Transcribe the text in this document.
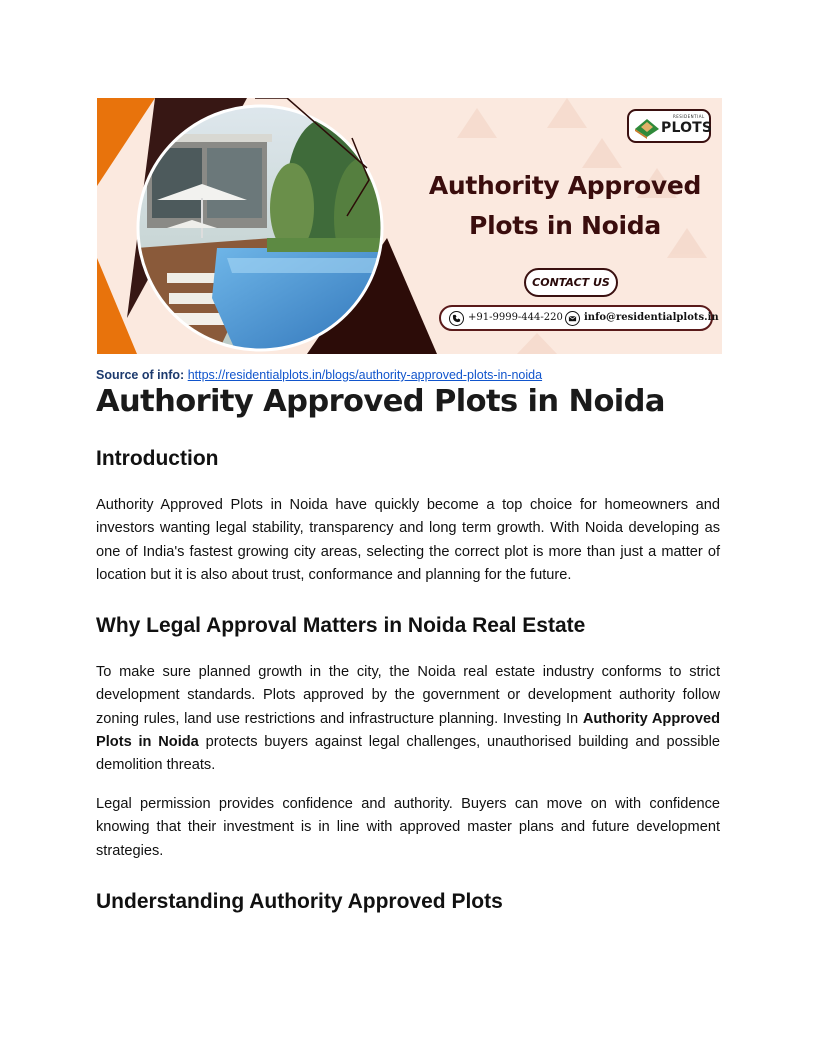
RESIDENTIAL
PLOTS
Authority Approved
Plots in Noida
CONTACT US
+91-9999-444-220 info@residentialplots.in
Source of info: https://residentialplots.in/blogs/authority-approved-plots-in-noida
Authority Approved Plots in Noida
Introduction

Authority Approved Plots in Noida have quickly become a top choice for homeowners and investors wanting legal stability, transparency and long term growth. With Noida developing as one of India's fastest growing city areas, selecting the correct plot is more than just a matter of location but it is also about trust, conformance and planning for the future.

Why Legal Approval Matters in Noida Real Estate

To make sure planned growth in the city, the Noida real estate industry conforms to strict development standards. Plots approved by the government or development authority follow zoning rules, land use restrictions and infrastructure planning. Investing In Authority Approved Plots in Noida protects buyers against legal challenges, unauthorised building and possible demolition threats.

Legal permission provides confidence and authority. Buyers can move on with confidence knowing that their investment is in line with approved master plans and future development strategies.

Understanding Authority Approved Plots
